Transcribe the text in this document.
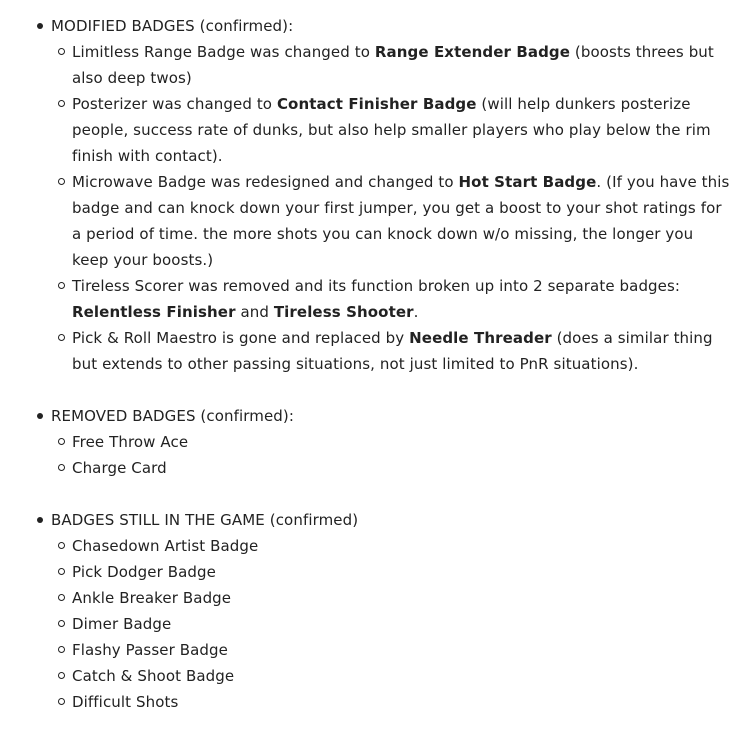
MODIFIED BADGES (confirmed):
Limitless Range Badge was changed to Range Extender Badge (boosts threes but also deep twos)
Posterizer was changed to Contact Finisher Badge (will help dunkers posterize people, success rate of dunks, but also help smaller players who play below the rim finish with contact).
Microwave Badge was redesigned and changed to Hot Start Badge. (If you have this badge and can knock down your first jumper, you get a boost to your shot ratings for a period of time. the more shots you can knock down w/o missing, the longer you keep your boosts.)
Tireless Scorer was removed and its function broken up into 2 separate badges: Relentless Finisher and Tireless Shooter.
Pick & Roll Maestro is gone and replaced by Needle Threader (does a similar thing but extends to other passing situations, not just limited to PnR situations).
REMOVED BADGES (confirmed):
Free Throw Ace
Charge Card
BADGES STILL IN THE GAME (confirmed)
Chasedown Artist Badge
Pick Dodger Badge
Ankle Breaker Badge
Dimer Badge
Flashy Passer Badge
Catch & Shoot Badge
Difficult Shots
